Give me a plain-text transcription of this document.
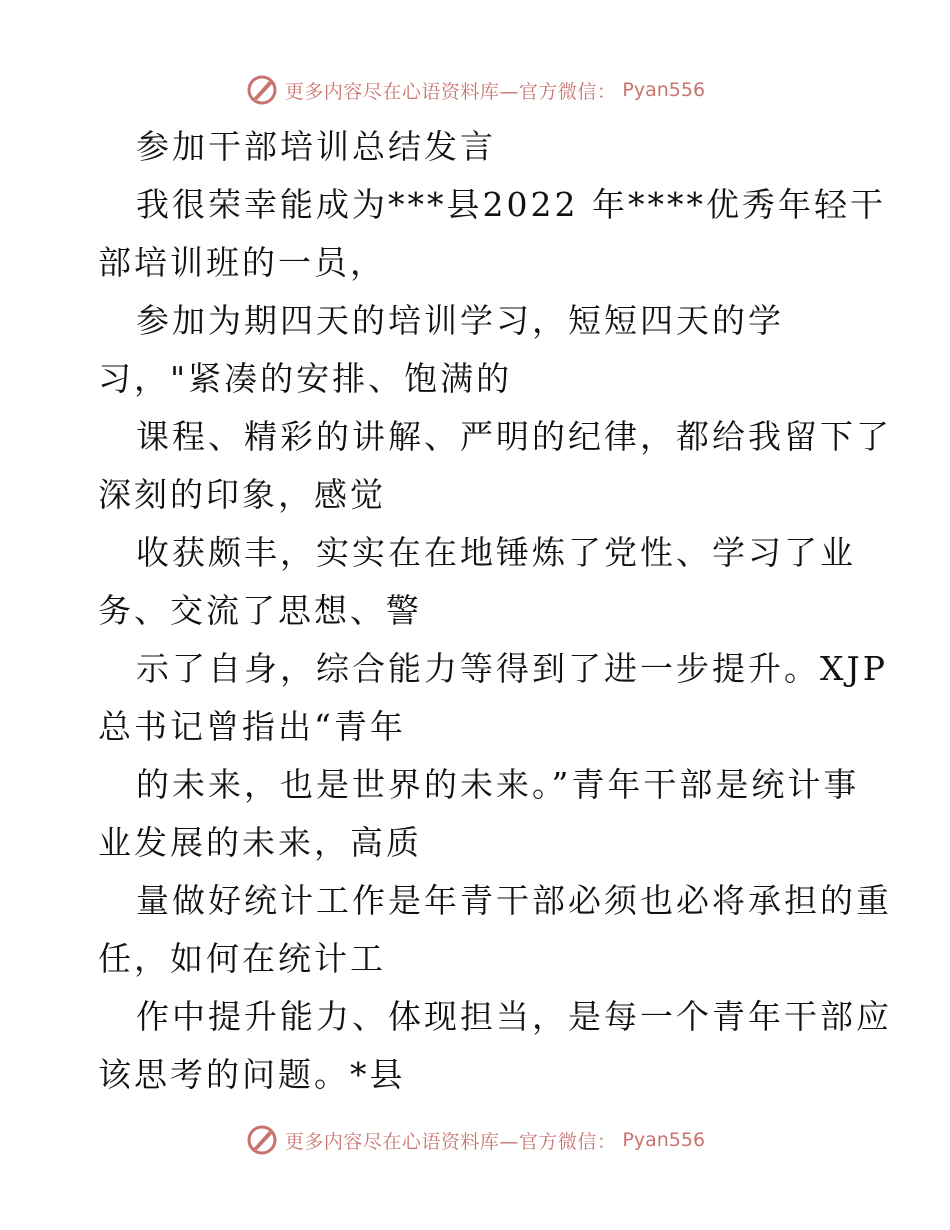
更多内容尽在心语资料库—官方微信： Pyan556
参加干部培训总结发言
我很荣幸能成为***县2022 年****优秀年轻干
部培训班的一员，
参加为期四天的培训学习，短短四天的学
习，"紧凑的安排、饱满的
课程、精彩的讲解、严明的纪律，都给我留下了
深刻的印象，感觉
收获颇丰，实实在在地锤炼了党性、学习了业
务、交流了思想、警
示了自身，综合能力等得到了进一步提升。XJP
总书记曾指出“青年
的未来，也是世界的未来。”青年干部是统计事
业发展的未来，高质
量做好统计工作是年青干部必须也必将承担的重
任，如何在统计工
作中提升能力、体现担当，是每一个青年干部应
该思考的问题。*县
更多内容尽在心语资料库—官方微信： Pyan556
